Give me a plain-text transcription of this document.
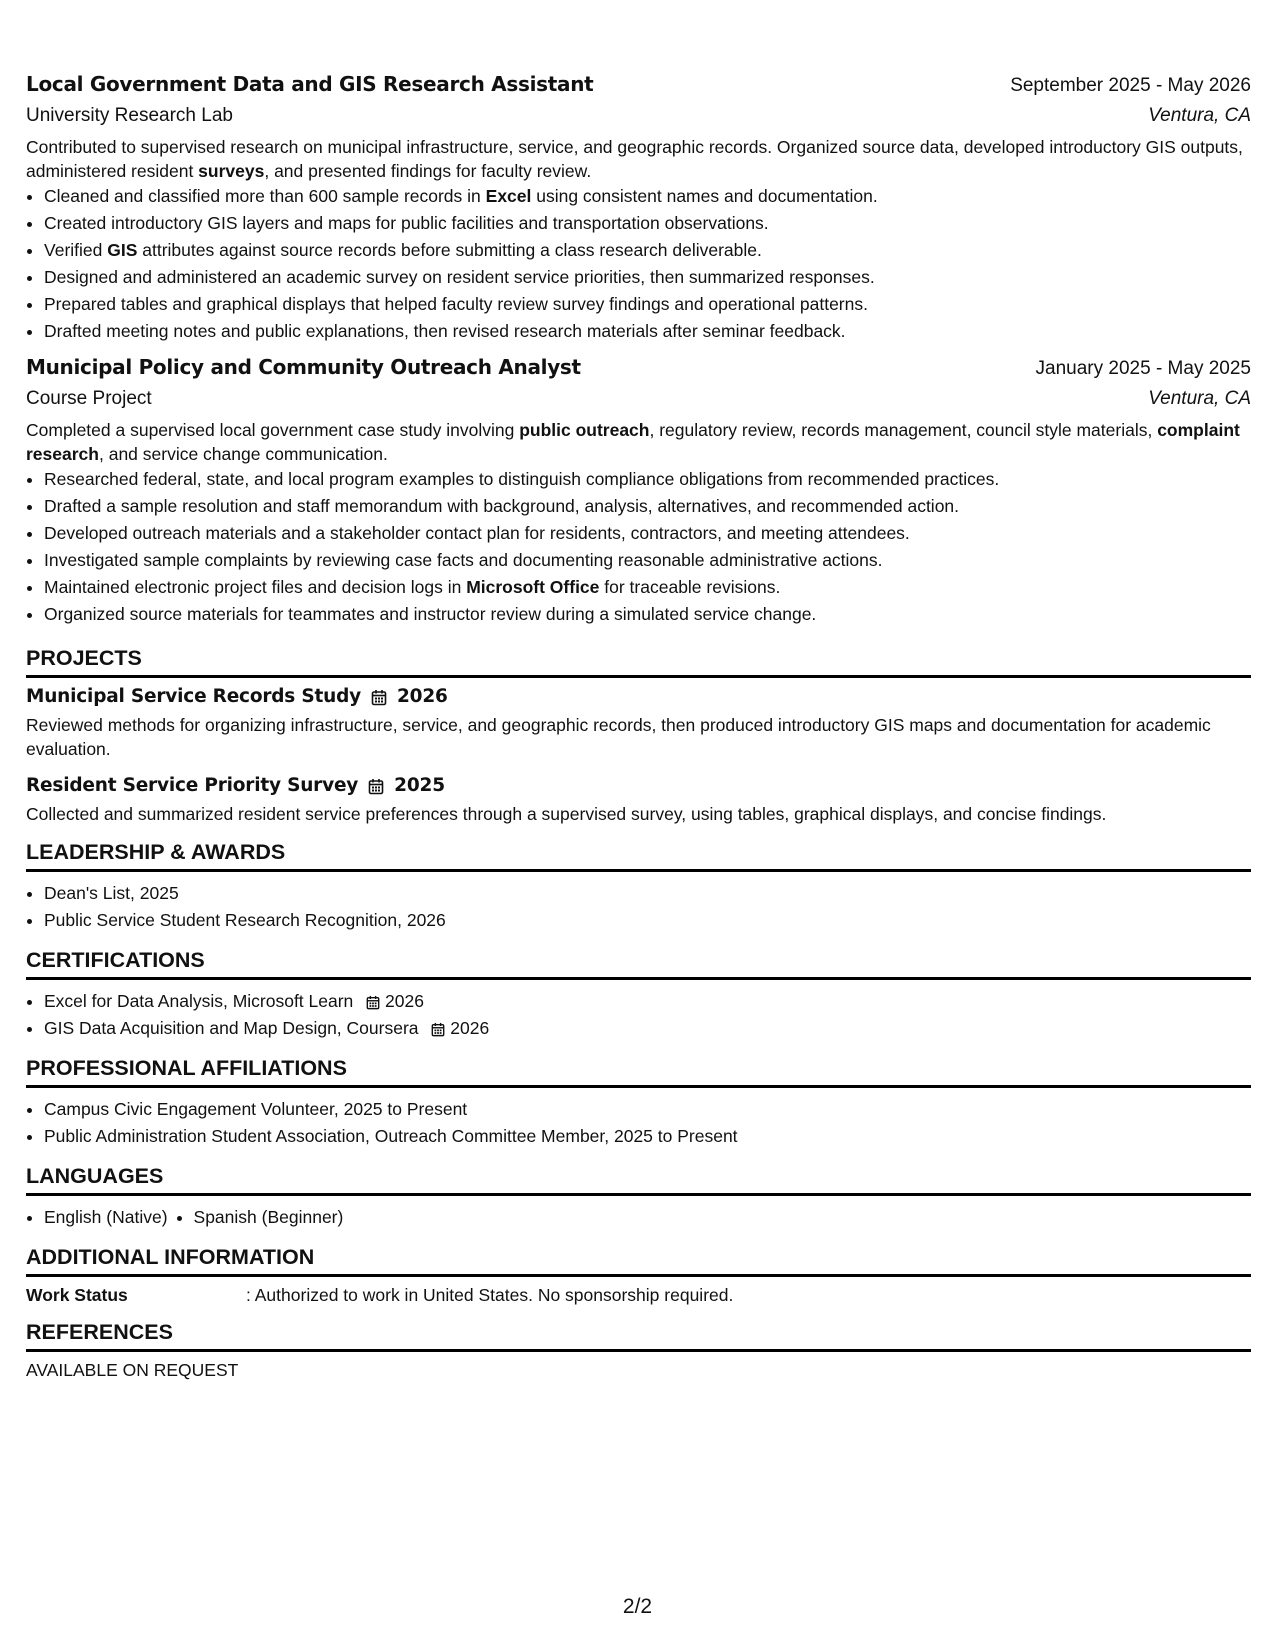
Local Government Data and GIS Research Assistant	September 2025 - May 2026
University Research Lab	Ventura, CA
Contributed to supervised research on municipal infrastructure, service, and geographic records. Organized source data, developed introductory GIS outputs, administered resident surveys, and presented findings for faculty review.
• Cleaned and classified more than 600 sample records in Excel using consistent names and documentation.
• Created introductory GIS layers and maps for public facilities and transportation observations.
• Verified GIS attributes against source records before submitting a class research deliverable.
• Designed and administered an academic survey on resident service priorities, then summarized responses.
• Prepared tables and graphical displays that helped faculty review survey findings and operational patterns.
• Drafted meeting notes and public explanations, then revised research materials after seminar feedback.
Municipal Policy and Community Outreach Analyst	January 2025 - May 2025
Course Project	Ventura, CA
Completed a supervised local government case study involving public outreach, regulatory review, records management, council style materials, complaint research, and service change communication.
• Researched federal, state, and local program examples to distinguish compliance obligations from recommended practices.
• Drafted a sample resolution and staff memorandum with background, analysis, alternatives, and recommended action.
• Developed outreach materials and a stakeholder contact plan for residents, contractors, and meeting attendees.
• Investigated sample complaints by reviewing case facts and documenting reasonable administrative actions.
• Maintained electronic project files and decision logs in Microsoft Office for traceable revisions.
• Organized source materials for teammates and instructor review during a simulated service change.
PROJECTS
Municipal Service Records Study 2026
Reviewed methods for organizing infrastructure, service, and geographic records, then produced introductory GIS maps and documentation for academic evaluation.
Resident Service Priority Survey 2025
Collected and summarized resident service preferences through a supervised survey, using tables, graphical displays, and concise findings.
LEADERSHIP & AWARDS
• Dean's List, 2025
• Public Service Student Research Recognition, 2026
CERTIFICATIONS
• Excel for Data Analysis, Microsoft Learn 2026
• GIS Data Acquisition and Map Design, Coursera 2026
PROFESSIONAL AFFILIATIONS
• Campus Civic Engagement Volunteer, 2025 to Present
• Public Administration Student Association, Outreach Committee Member, 2025 to Present
LANGUAGES
• English (Native)
• Spanish (Beginner)
ADDITIONAL INFORMATION
Work Status	: Authorized to work in United States. No sponsorship required.
REFERENCES
AVAILABLE ON REQUEST
2/2
